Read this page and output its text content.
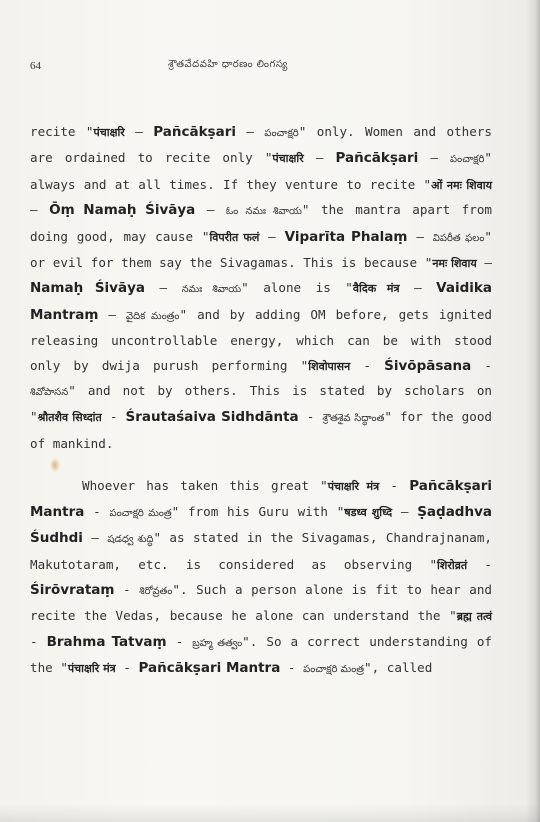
64	శ్రౌతవేదవహి ధారణం లింగస్య

recite "पंचाक्षरि – Pañcākṣari – పంచాక్షరి" only. Women and others are ordained to recite only "पंचाक्षरि – Pañcākṣari – పంచాక్షరి" always and at all times. If they venture to recite "ओं नमः शिवाय – Ōṃ Namaḥ Śivāya – ఓం నమః శివాయ" the mantra apart from doing good, may cause "विपरीत फलं – Viparīta Phalaṃ – విపరీత ఫలం" or evil for them say the Sivagamas. This is because "नमः शिवाय – Namaḥ Śivāya – నమః శివాయ" alone is "वैदिक मंत्र – Vaidika Mantraṃ – వైదిక మంత్రం" and by adding OM before, gets ignited releasing uncontrollable energy, which can be with stood only by dwija purush performing "शिवोपासन - Śivōpāsana - శివోపాసన" and not by others. This is stated by scholars on "श्रौतशैव सिध्दांत - Śrautaśaiva Sidhdānta - శ్రౌతశైవ సిద్ధాంత" for the good of mankind.

Whoever has taken this great "पंचाक्षरि मंत्र - Pañcākṣari Mantra - పంచాక్షరి మంత్ర" from his Guru with "षडध्व शुध्दि – Ṣaḍadhva Śudhdi – షడధ్వ శుద్ధి" as stated in the Sivagamas, Chandrajnanam, Makutotaram, etc. is considered as observing "शिरोव्रतं - Śirōvrataṃ - శిరోవ్రతం". Such a person alone is fit to hear and recite the Vedas, because he alone can understand the "ब्रह्म तत्वं - Brahma Tatvaṃ - బ్రహ్మ తత్వం". So a correct understanding of the "पंचाक्षरि मंत्र - Pañcākṣari Mantra - పంచాక్షరి మంత్ర", called
